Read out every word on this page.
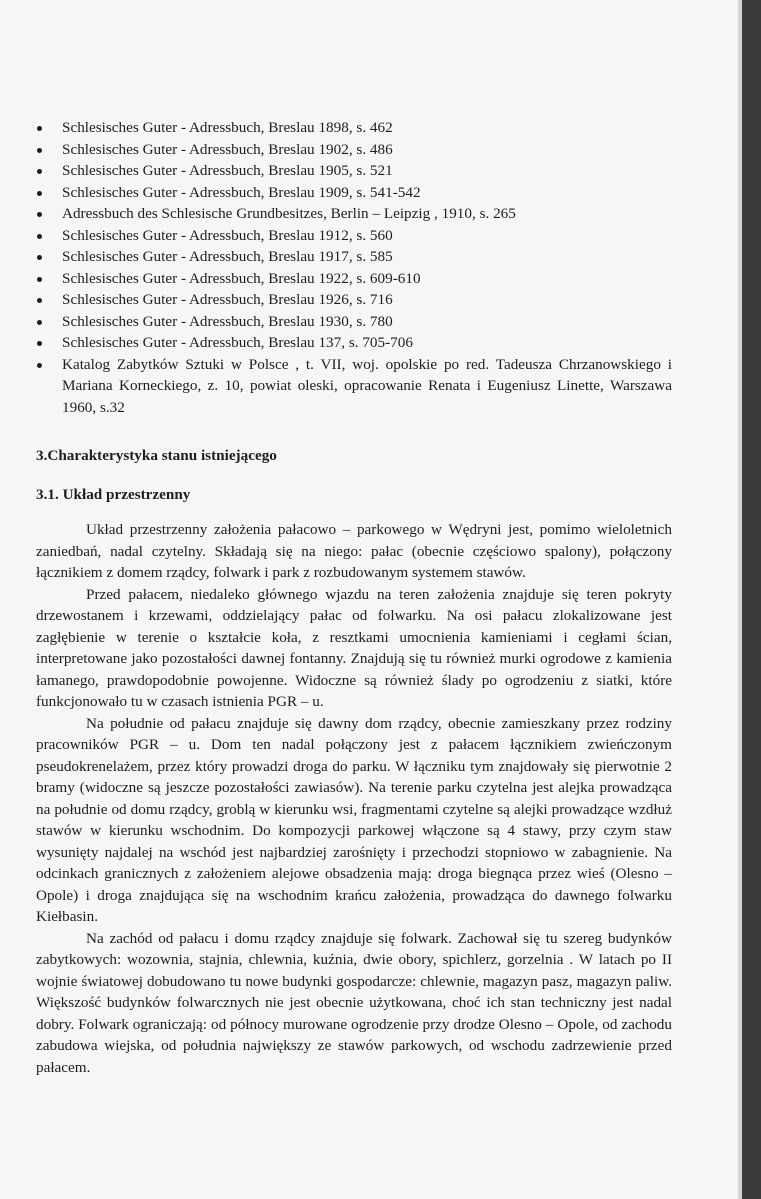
Schlesisches Guter - Adressbuch, Breslau 1898, s. 462
Schlesisches Guter - Adressbuch, Breslau 1902, s. 486
Schlesisches Guter - Adressbuch, Breslau 1905, s. 521
Schlesisches Guter - Adressbuch, Breslau 1909, s. 541-542
Adressbuch des Schlesische Grundbesitzes, Berlin – Leipzig , 1910, s. 265
Schlesisches Guter - Adressbuch, Breslau 1912, s. 560
Schlesisches Guter - Adressbuch, Breslau 1917, s. 585
Schlesisches Guter - Adressbuch, Breslau 1922, s. 609-610
Schlesisches Guter - Adressbuch, Breslau 1926, s. 716
Schlesisches Guter - Adressbuch, Breslau 1930, s. 780
Schlesisches Guter - Adressbuch, Breslau 137, s. 705-706
Katalog Zabytków Sztuki w Polsce , t. VII, woj. opolskie po red. Tadeusza Chrzanowskiego i Mariana Korneckiego, z. 10, powiat oleski, opracowanie Renata i Eugeniusz Linette, Warszawa 1960, s.32
3.Charakterystyka stanu istniejącego
3.1. Układ przestrzenny

Układ przestrzenny założenia pałacowo – parkowego w Wędryni jest, pomimo wieloletnich zaniedbań, nadal czytelny. Składają się na niego: pałac (obecnie częściowo spalony), połączony łącznikiem z domem rządcy, folwark i park z rozbudowanym systemem stawów.

Przed pałacem, niedaleko głównego wjazdu na teren założenia znajduje się teren pokryty drzewostanem i krzewami, oddzielający pałac od folwarku. Na osi pałacu zlokalizowane jest zagłębienie w terenie o kształcie koła, z resztkami umocnienia kamieniami i cegłami ścian, interpretowane jako pozostałości dawnej fontanny. Znajdują się tu również murki ogrodowe z kamienia łamanego, prawdopodobnie powojenne. Widoczne są również ślady po ogrodzeniu z siatki, które funkcjonowało tu w czasach istnienia PGR – u.

Na południe od pałacu znajduje się dawny dom rządcy, obecnie zamieszkany przez rodziny pracowników PGR – u. Dom ten nadal połączony jest z pałacem łącznikiem zwieńczonym pseudokrenelażem, przez który prowadzi droga do parku. W łączniku tym znajdowały się pierwotnie 2 bramy (widoczne są jeszcze pozostałości zawiasów). Na terenie parku czytelna jest alejka prowadząca na południe od domu rządcy, groblą w kierunku wsi, fragmentami czytelne są alejki prowadzące wzdłuż stawów w kierunku wschodnim. Do kompozycji parkowej włączone są 4 stawy, przy czym staw wysunięty najdalej na wschód jest najbardziej zarośnięty i przechodzi stopniowo w zabagnienie. Na odcinkach granicznych z założeniem alejowe obsadzenia mają: droga biegnąca przez wieś (Olesno – Opole) i droga znajdująca się na wschodnim krańcu założenia, prowadząca do dawnego folwarku Kiełbasin.

Na zachód od pałacu i domu rządcy znajduje się folwark. Zachował się tu szereg budynków zabytkowych: wozownia, stajnia, chlewnia, kuźnia, dwie obory, spichlerz, gorzelnia . W latach po II wojnie światowej dobudowano tu nowe budynki gospodarcze: chlewnie, magazyn pasz, magazyn paliw. Większość budynków folwarcznych nie jest obecnie użytkowana, choć ich stan techniczny jest nadal dobry. Folwark ograniczają: od północy murowane ogrodzenie przy drodze Olesno – Opole, od zachodu zabudowa wiejska, od południa największy ze stawów parkowych, od wschodu zadrzewienie przed pałacem.
